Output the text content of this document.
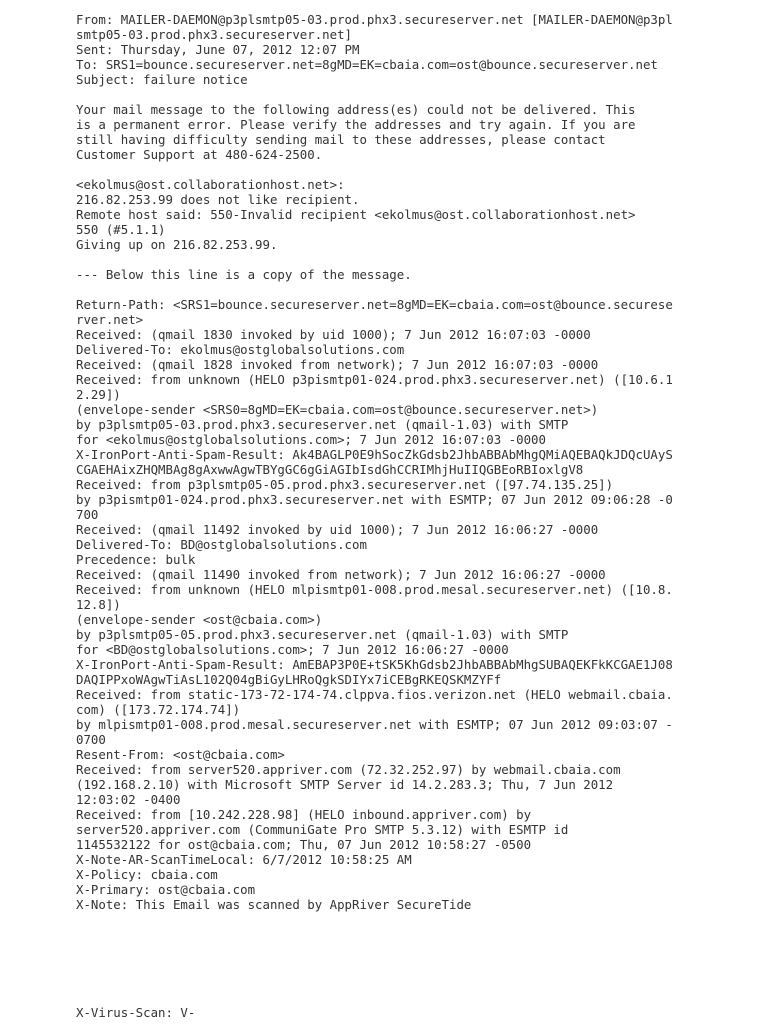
From: MAILER-DAEMON@p3plsmtp05-03.prod.phx3.secureserver.net [MAILER-DAEMON@p3pl
smtp05-03.prod.phx3.secureserver.net]
Sent: Thursday, June 07, 2012 12:07 PM
To: SRS1=bounce.secureserver.net=8gMD=EK=cbaia.com=ost@bounce.secureserver.net
Subject: failure notice
Your mail message to the following address(es) could not be delivered. This
is a permanent error. Please verify the addresses and try again. If you are
still having difficulty sending mail to these addresses, please contact
Customer Support at 480-624-2500.
<ekolmus@ost.collaborationhost.net>:
216.82.253.99 does not like recipient.
Remote host said: 550-Invalid recipient <ekolmus@ost.collaborationhost.net>
550 (#5.1.1)
Giving up on 216.82.253.99.
--- Below this line is a copy of the message.
Return-Path: <SRS1=bounce.secureserver.net=8gMD=EK=cbaia.com=ost@bounce.securese
rver.net>
Received: (qmail 1830 invoked by uid 1000); 7 Jun 2012 16:07:03 -0000
Delivered-To: ekolmus@ostglobalsolutions.com
Received: (qmail 1828 invoked from network); 7 Jun 2012 16:07:03 -0000
Received: from unknown (HELO p3pismtp01-024.prod.phx3.secureserver.net) ([10.6.1
2.29])
(envelope-sender <SRS0=8gMD=EK=cbaia.com=ost@bounce.secureserver.net>)
by p3plsmtp05-03.prod.phx3.secureserver.net (qmail-1.03) with SMTP
for <ekolmus@ostglobalsolutions.com>; 7 Jun 2012 16:07:03 -0000
X-IronPort-Anti-Spam-Result: Ak4BAGLP0E9hSocZkGdsb2JhbABBAbMhgQMiAQEBAQkJDQcUAyS
CGAEHAixZHQMBAg8gAxwwAgwTBYgGC6gGiAGIbIsdGhCCRIMhjHuIIQGBEoRBIoxlgV8
Received: from p3plsmtp05-05.prod.phx3.secureserver.net ([97.74.135.25])
by p3pismtp01-024.prod.phx3.secureserver.net with ESMTP; 07 Jun 2012 09:06:28 -0
700
Received: (qmail 11492 invoked by uid 1000); 7 Jun 2012 16:06:27 -0000
Delivered-To: BD@ostglobalsolutions.com
Precedence: bulk
Received: (qmail 11490 invoked from network); 7 Jun 2012 16:06:27 -0000
Received: from unknown (HELO mlpismtp01-008.prod.mesal.secureserver.net) ([10.8.
12.8])
(envelope-sender <ost@cbaia.com>)
by p3plsmtp05-05.prod.phx3.secureserver.net (qmail-1.03) with SMTP
for <BD@ostglobalsolutions.com>; 7 Jun 2012 16:06:27 -0000
X-IronPort-Anti-Spam-Result: AmEBAP3P0E+tSK5KhGdsb2JhbABBAbMhgSUBAQEKFkKCGAE1J08
DAQIPPxoWAgwTiAsL102Q04gBiGyLHRoQgkSDIYx7iCEBgRKEQSKMZYFf
Received: from static-173-72-174-74.clppva.fios.verizon.net (HELO webmail.cbaia.
com) ([173.72.174.74])
by mlpismtp01-008.prod.mesal.secureserver.net with ESMTP; 07 Jun 2012 09:03:07 -
0700
Resent-From: <ost@cbaia.com>
Received: from server520.appriver.com (72.32.252.97) by webmail.cbaia.com
(192.168.2.10) with Microsoft SMTP Server id 14.2.283.3; Thu, 7 Jun 2012
12:03:02 -0400
Received: from [10.242.228.98] (HELO inbound.appriver.com) by
server520.appriver.com (CommuniGate Pro SMTP 5.3.12) with ESMTP id
1145532122 for ost@cbaia.com; Thu, 07 Jun 2012 10:58:27 -0500
X-Note-AR-ScanTimeLocal: 6/7/2012 10:58:25 AM
X-Policy: cbaia.com
X-Primary: ost@cbaia.com
X-Note: This Email was scanned by AppRiver SecureTide
X-Virus-Scan: V-
